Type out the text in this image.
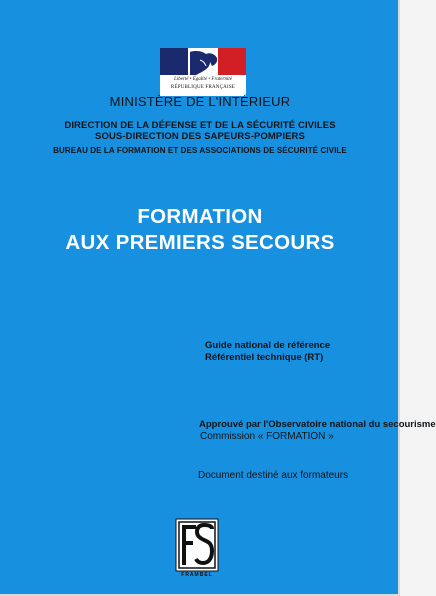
Liberté • Égalité • Fraternité
RÉPUBLIQUE FRANÇAISE
MINISTÈRE DE L'INTÉRIEUR
DIRECTION DE LA DÉFENSE ET DE LA SÉCURITÉ CIVILES
SOUS-DIRECTION DES SAPEURS-POMPIERS
BUREAU DE LA FORMATION ET DES ASSOCIATIONS DE SÉCURITÉ CIVILE
FORMATION
AUX PREMIERS SECOURS
Guide national de référence
Référentiel technique (RT)
Approuvé par l'Observatoire national du secourisme
Commission « FORMATION »
Document destiné aux formateurs
FRAMBEL
